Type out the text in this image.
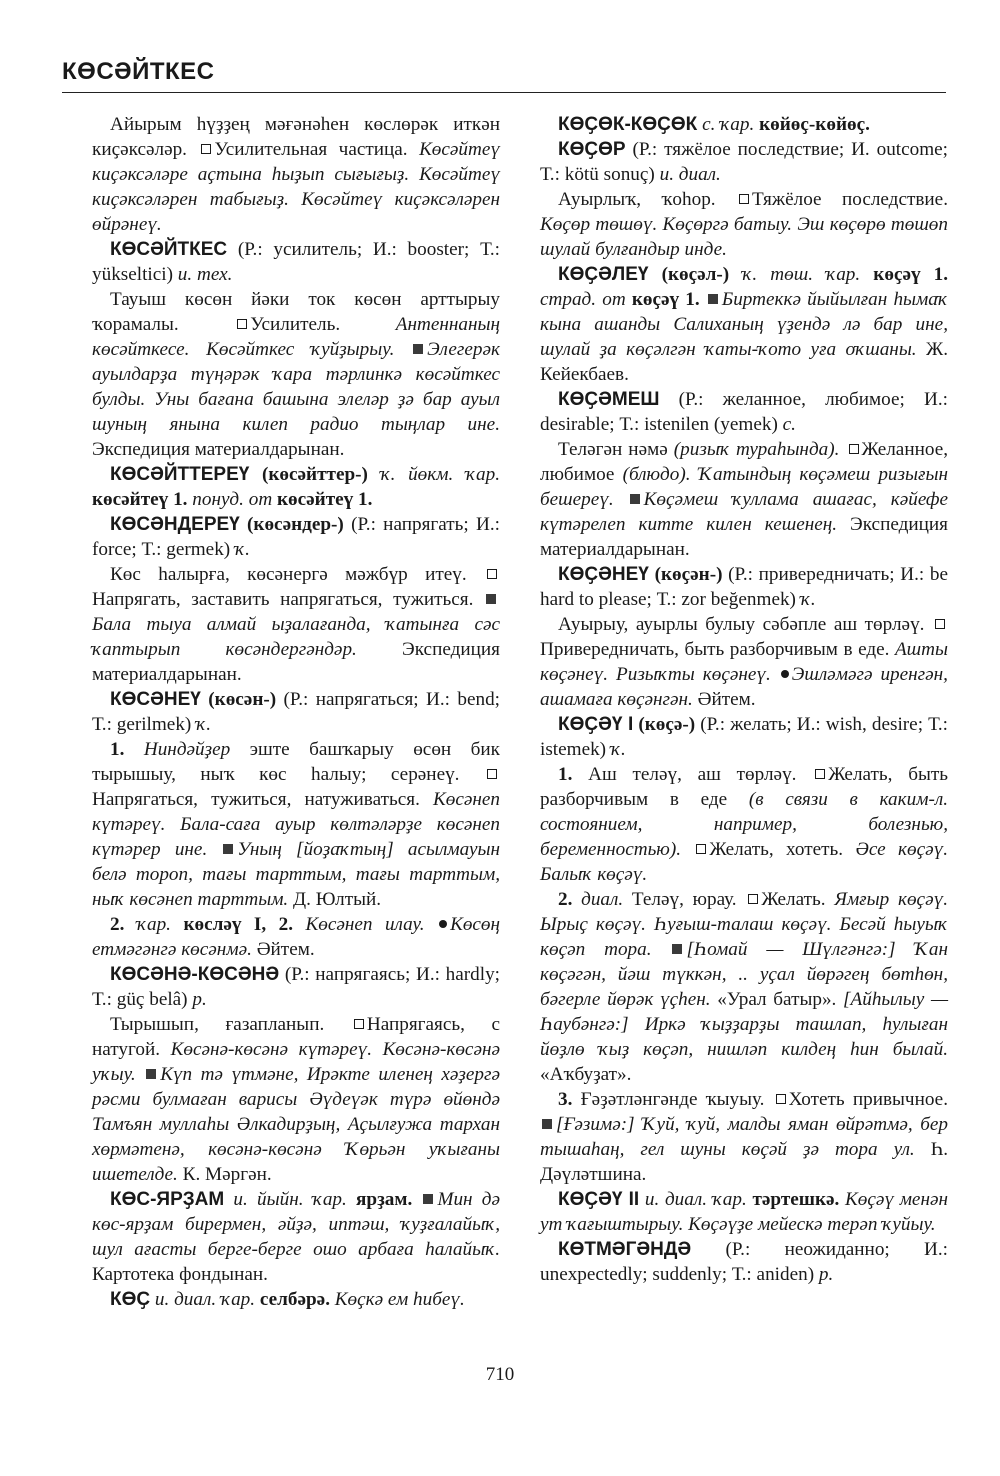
КӨСӘЙТКЕС

Айырым һүҙҙең мәғәнәһен көслөрәк иткән киҫәксәләр. Усилительная частица. Көсәйтеү киҫәксәләре аҫтына һыҙып сығығыҙ. Көсәйтеү киҫәксәләрен табығыҙ. Көсәйтеү киҫәксәләрен өйрәнеү.

КӨСӘЙТКЕС (Р.: усилитель; И.: booster; Т.: yükseltici) и. тех.

Тауыш көсөн йәки ток көсөн арттырыу ҡорамалы.	Усилитель.	Антеннаның көсәйткесе. Көсәйткес ҡуйҙырыу. Элегерәк ауылдарҙа түңәрәк ҡара тәрлинкә көсәйткес булды. Уны бағана башына элеләр ҙә бар ауыл шуның янына килеп радио тыңлар ине. Экспедиция материалдарынан.

КӨСӘЙТТЕРЕҮ (көсәйттер-) ҡ. йөкм. ҡар. көсәйтеү 1. понуд. от көсәйтеү 1.

КӨСӘНДЕРЕҮ (көсәндер-) (Р.: напрягать; И.: force; Т.: germek) ҡ.

Көс һалырға, көсәнергә мәжбүр итеү. Напрягать, заставить напрягаться, тужиться. Бала тыуа алмай ыҙалағанда, ҡатынға сәс ҡаптырып көсәндергәндәр. Экспедиция материалдарынан.

КӨСӘНЕҮ (көсән-) (Р.: напрягаться; И.: bend; Т.: gerilmek) ҡ.

1. Ниндәйҙер эште башҡарыу өсөн бик тырышыу, ныҡ көс һалыу; серәнеү. Напрягаться, тужиться, натуживаться. Көсәнеп күтәреү. Бала-саға ауыр көлтәләрҙе көсәнеп күтәрер ине. Уның [йоҙаҡтың] асылмауын белә тороп, тағы тарттым, тағы тарттым, ныҡ көсәнеп тарттым. Д. Юлтый.

2. ҡар. көсләү I, 2. Көсәнеп илау. Көсөң етмәгәнгә көсәнмә. Әйтем.

КӨСӘНӘ-КӨСӘНӘ (Р.: напрягаясь; И.: hardly; Т.: güç belâ) р.

Тырышып, ғазапланып. Напрягаясь, с натугой. Көсәнә-көсәнә күтәреү. Көсәнә-көсәнә уҡыу. Күп тә үтмәне, Ирәкте иленең хәҙергә рәсми булмаған варисы Әүдеүәк түрә өйөндә Тамъян муллаһы Әлкадирҙың, Аҫылғужа тархан хөрмәтенә, көсәнә-көсәнә Ҡөрьән уҡығаны ишетелде. К. Мәргән.

КӨС-ЯРҘАМ и. йыйн. ҡар. ярҙам. Мин дә көс-ярҙам бирермен, әйҙә, иптәш, ҡуҙғалайыҡ, шул ағасты берге-берге ошо арбаға һалайыҡ. Картотека фондынан.

КӨҪ и. диал. ҡар. селбәрә. Көҫкә ем һибеү.

КӨҪӨК-КӨҪӨК с. ҡар. көйөҫ-көйөҫ.

КӨҪӨР (Р.: тяжёлое последствие; И. outcome; Т.: kötü sonuç) и. диал.

Ауырлыҡ, ҡоһор. Тяжёлое последствие. Көҫөр төшөү. Көҫөргә батыу. Эш көҫөрө төшөп шулай булғандыр инде.

КӨҪӘЛЕҮ (көҫәл-) ҡ. төш. ҡар. көҫәү 1. страд. от көҫәү 1. Биртеккә йыйылған һымаҡ кына ашанды Салиханың үҙендә лә бар ине, шулай ҙа көҫәлгән ҡаты-ҡото уға оҡшаны. Ж. Кейекбаев.

КӨҪӘМЕШ (Р.: желанное, любимое; И.: desirable; Т.: istenilen (yemek) с.

Теләгән нәмә (ризыҡ тураһында). Желанное, любимое (блюдо). Ҡатындың көҫәмеш ризығын бешереү. Көҫәмеш ҡуллама ашағас, кәйефе күтәрелеп китте килен кешенең. Экспедиция материалдарынан.

КӨҪӘНЕҮ (көҫән-) (Р.: привередничать; И.: be hard to please; Т.: zor beğenmek) ҡ.

Ауырыу, ауырлы булыу сәбәпле аш төрләү. Привередничать, быть разборчивым в еде. Ашты көҫәнеү. Ризыҡты көҫәнеү. Эшләмәгә иренгән, ашамаға көҫәнгән. Әйтем.

КӨҪӘҮ I (көҫә-) (Р.: желать; И.: wish, desire; Т.: istemek) ҡ.

1. Аш теләү, аш төрләү. Желать, быть разборчивым в еде (в связи в каким-л. состоянием, например, болезнью, беременностью). Желать, хотеть. Әсе көҫәү. Балыҡ көҫәү.

2. диал. Теләү, юрау. Желать. Ямғыр көҫәү. Ырыҫ көҫәү. Һуғыш-талаш көҫәү. Бесәй һыуыҡ көҫәп тора. [Һомай — Шүлгәнгә:] Ҡан көҫәгән, йәш түккән, .. уҫал йөрәгең бөтһөн, бәгерле йөрәк үҫһен. «Урал батыр». [Айһылыу — Һаубәнгә:] Иркә ҡыҙҙарҙы ташлап, һулыған йөҙлө ҡыҙ көҫәп, нишләп килдең һин былай. «Аҡбуҙат».

3. Ғәҙәтләнгәнде ҡыуыу. Хотеть привычное. [Ғәзимә:] Ҡуй, ҡуй, малды яман өйрәтмә, бер тышаһаң, гел шуны көҫәй ҙә тора ул. Һ. Дәүләтшина.

КӨҪӘҮ II и. диал. ҡар. тәртешкә. Көҫәү менән ут ҡағыштырыу. Көҫәүҙе мейескә терәп ҡуйыу.

КӨТМӘГӘНДӘ (Р.: неожиданно; И.: unexpectedly; suddenly; Т.: aniden) р.

710
